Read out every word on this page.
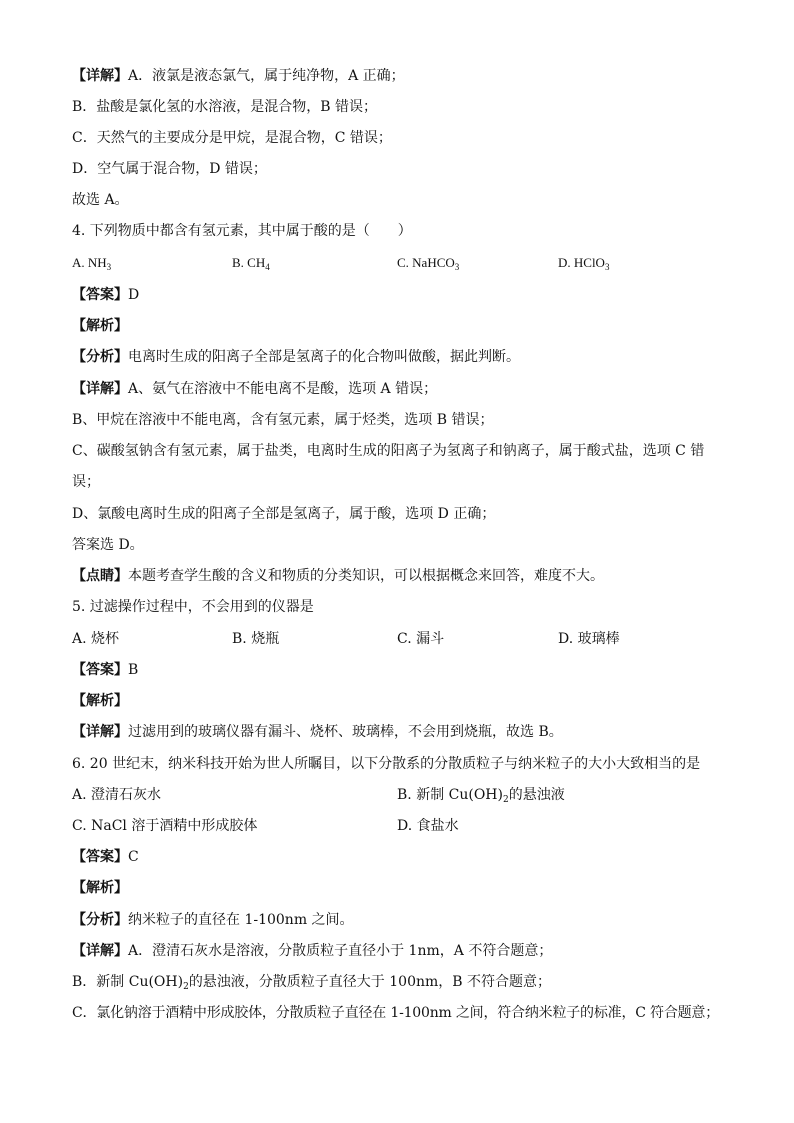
【详解】A．液氯是液态氯气，属于纯净物，A 正确；
B．盐酸是氯化氢的水溶液，是混合物，B 错误；
C．天然气的主要成分是甲烷，是混合物，C 错误；
D．空气属于混合物，D 错误；
故选 A。
4. 下列物质中都含有氢元素，其中属于酸的是（　　）
A. $NH_3$	B. $CH_4$	C. NaHCO$_3$	D. HClO$_3$
【答案】D
【解析】
【分析】电离时生成的阳离子全部是氢离子的化合物叫做酸，据此判断。
【详解】A、氨气在溶液中不能电离不是酸，选项 A 错误；
B、甲烷在溶液中不能电离，含有氢元素，属于烃类，选项 B 错误；
C、碳酸氢钠含有氢元素，属于盐类，电离时生成的阳离子为氢离子和钠离子，属于酸式盐，选项 C 错
误；
D、氯酸电离时生成的阳离子全部是氢离子，属于酸，选项 D 正确；
答案选 D。
【点睛】本题考查学生酸的含义和物质的分类知识，可以根据概念来回答，难度不大。
5. 过滤操作过程中，不会用到的仪器是
A. 烧杯	B. 烧瓶	C. 漏斗	D. 玻璃棒
【答案】B
【解析】
【详解】过滤用到的玻璃仪器有漏斗、烧杯、玻璃棒，不会用到烧瓶，故选 B。
6. 20 世纪末，纳米科技开始为世人所瞩目，以下分散系的分散质粒子与纳米粒子的大小大致相当的是
A. 澄清石灰水	B. 新制 $Cu(OH)_2$的悬浊液
C. NaCl 溶于酒精中形成胶体	D. 食盐水
【答案】C
【解析】
【分析】纳米粒子的直径在 1-100nm 之间。
【详解】A．澄清石灰水是溶液，分散质粒子直径小于 1nm，A 不符合题意；
B．新制 $Cu(OH)_2$的悬浊液，分散质粒子直径大于 100nm，B 不符合题意；
C．氯化钠溶于酒精中形成胶体，分散质粒子直径在 1-100nm 之间，符合纳米粒子的标准，C 符合题意；
